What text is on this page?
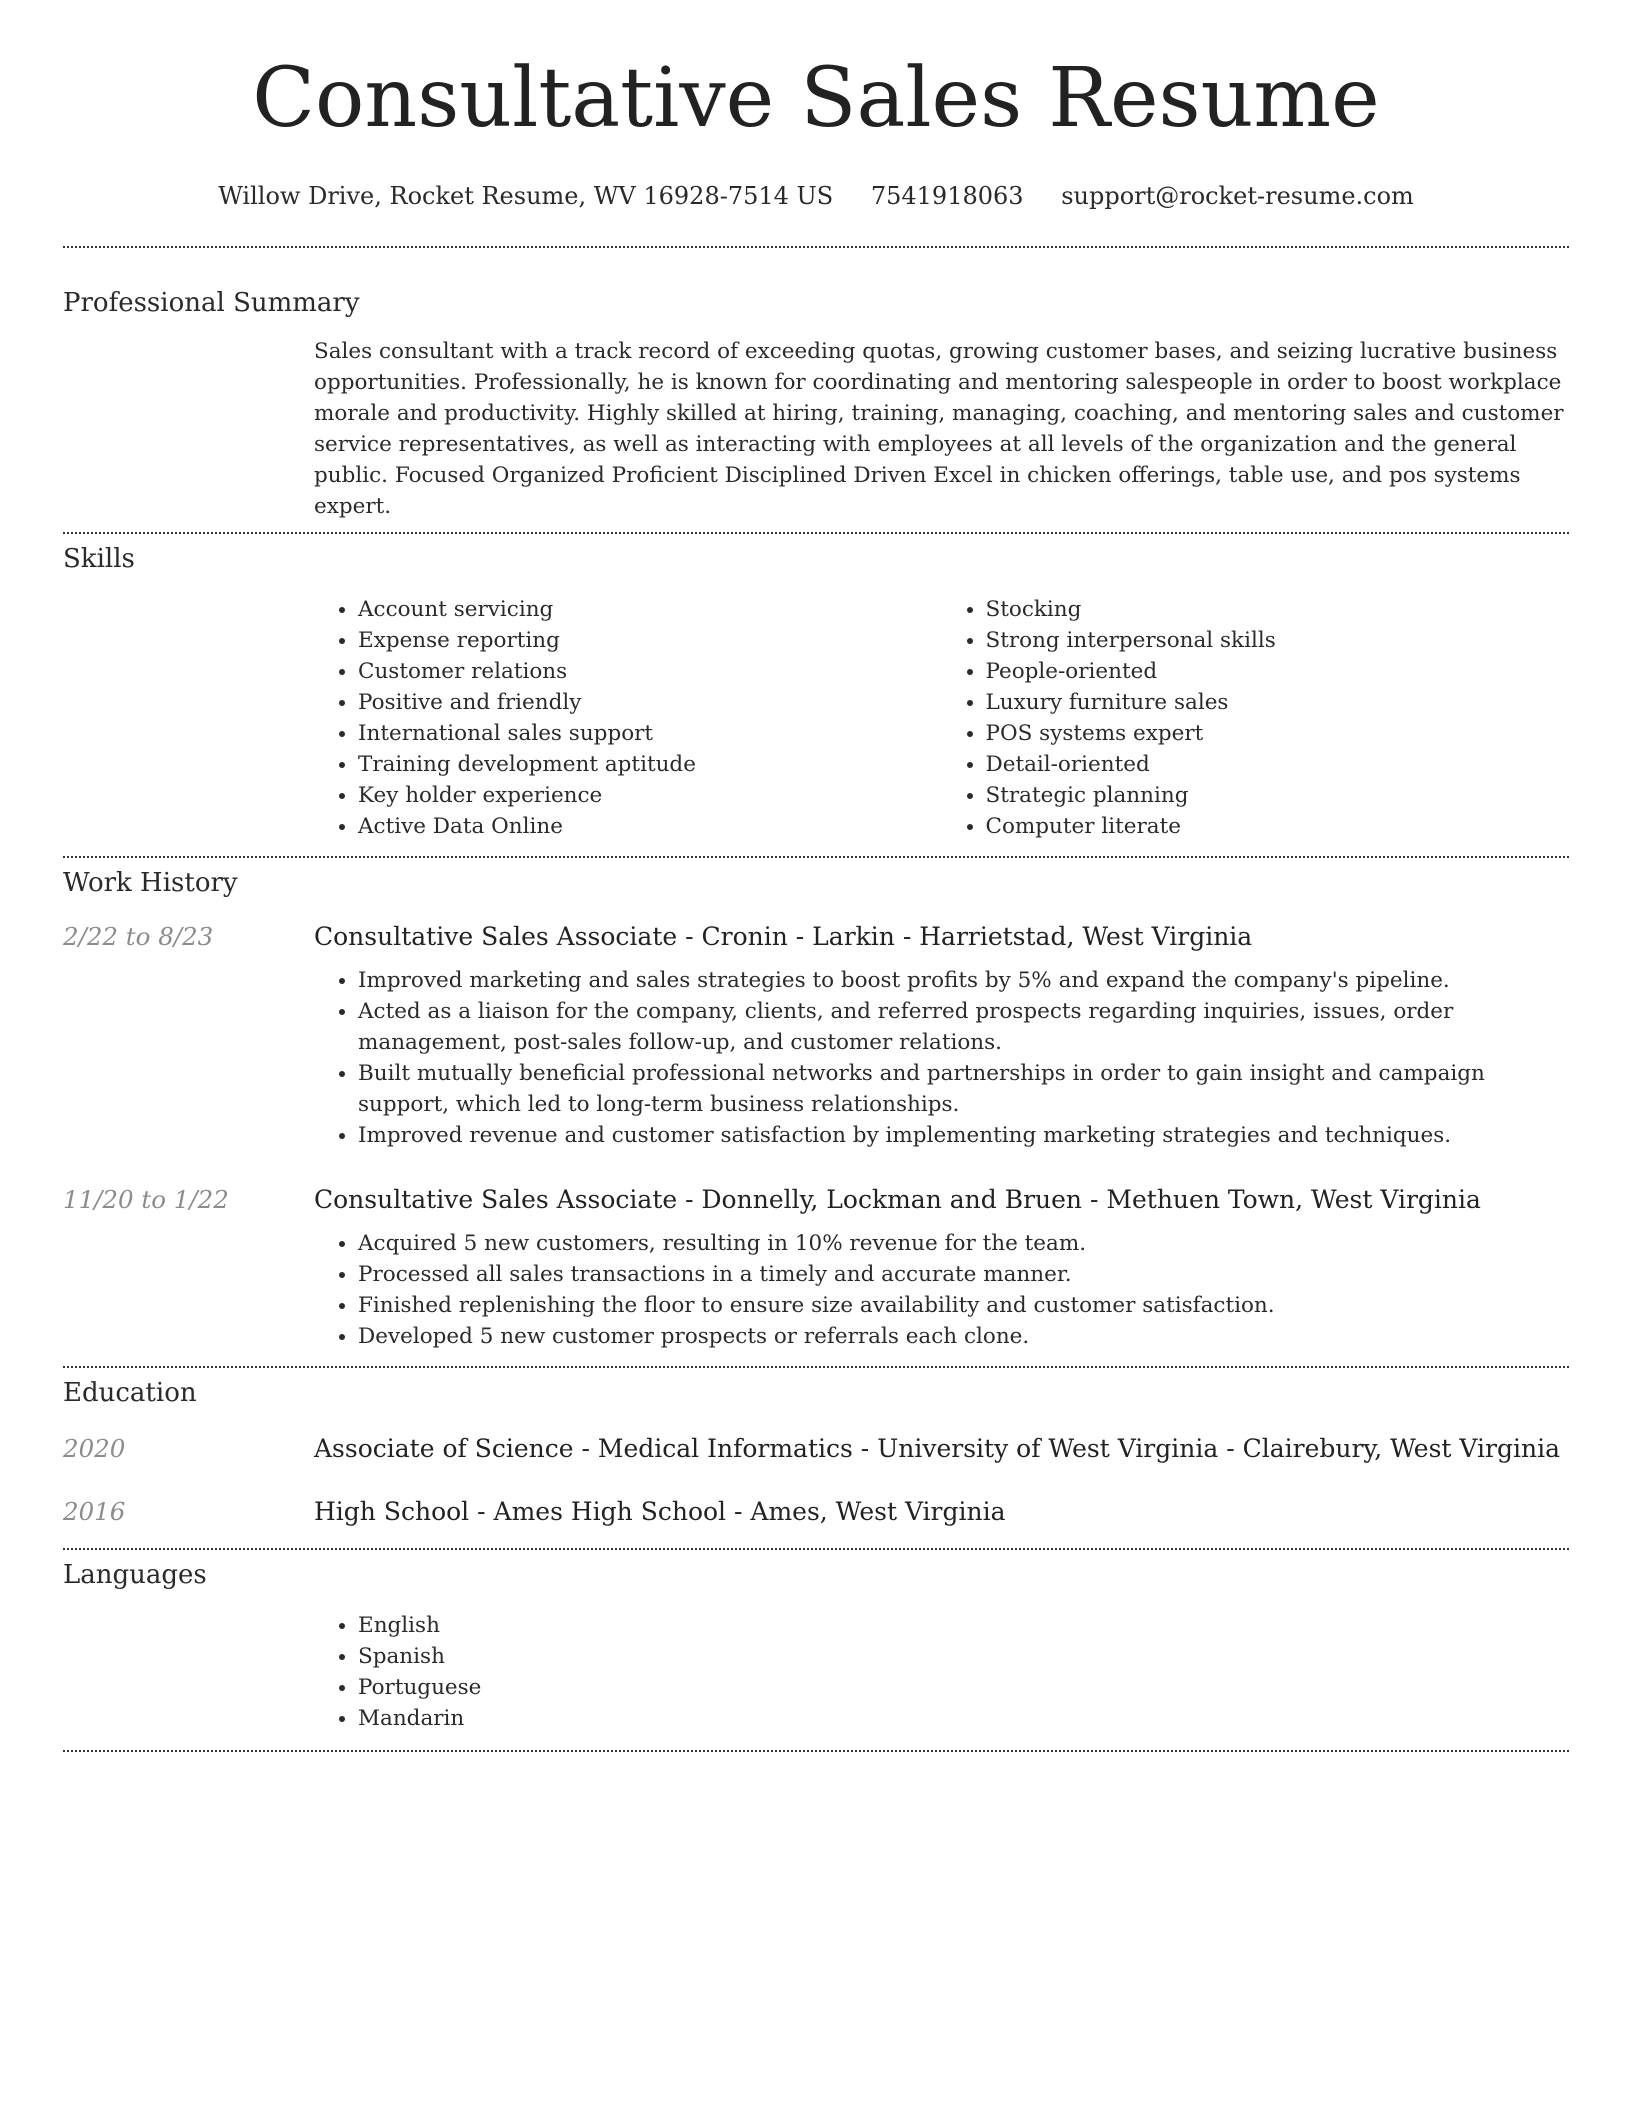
Consultative Sales Resume
Willow Drive, Rocket Resume, WV 16928-7514 US 7541918063 support@rocket-resume.com
Professional Summary

Sales consultant with a track record of exceeding quotas, growing customer bases, and seizing lucrative business opportunities. Professionally, he is known for coordinating and mentoring salespeople in order to boost workplace morale and productivity. Highly skilled at hiring, training, managing, coaching, and mentoring sales and customer service representatives, as well as interacting with employees at all levels of the organization and the general public. Focused Organized Proficient Disciplined Driven Excel in chicken offerings, table use, and pos systems expert.

Skills
• Account servicing
• Expense reporting
• Customer relations
• Positive and friendly
• International sales support
• Training development aptitude
• Key holder experience
• Active Data Online
• Stocking
• Strong interpersonal skills
• People-oriented
• Luxury furniture sales
• POS systems expert
• Detail-oriented
• Strategic planning
• Computer literate
Work History
2/22 to 8/23	Consultative Sales Associate - Cronin - Larkin - Harrietstad, West Virginia
• Improved marketing and sales strategies to boost profits by 5% and expand the company's pipeline.
• Acted as a liaison for the company, clients, and referred prospects regarding inquiries, issues, order management, post-sales follow-up, and customer relations.
• Built mutually beneficial professional networks and partnerships in order to gain insight and campaign support, which led to long-term business relationships.
• Improved revenue and customer satisfaction by implementing marketing strategies and techniques.
11/20 to 1/22	Consultative Sales Associate - Donnelly, Lockman and Bruen - Methuen Town, West Virginia
• Acquired 5 new customers, resulting in 10% revenue for the team.
• Processed all sales transactions in a timely and accurate manner.
• Finished replenishing the floor to ensure size availability and customer satisfaction.
• Developed 5 new customer prospects or referrals each clone.
Education
2020	Associate of Science - Medical Informatics - University of West Virginia - Clairebury, West Virginia
2016	High School - Ames High School - Ames, West Virginia
Languages
• English
• Spanish
• Portuguese
• Mandarin
